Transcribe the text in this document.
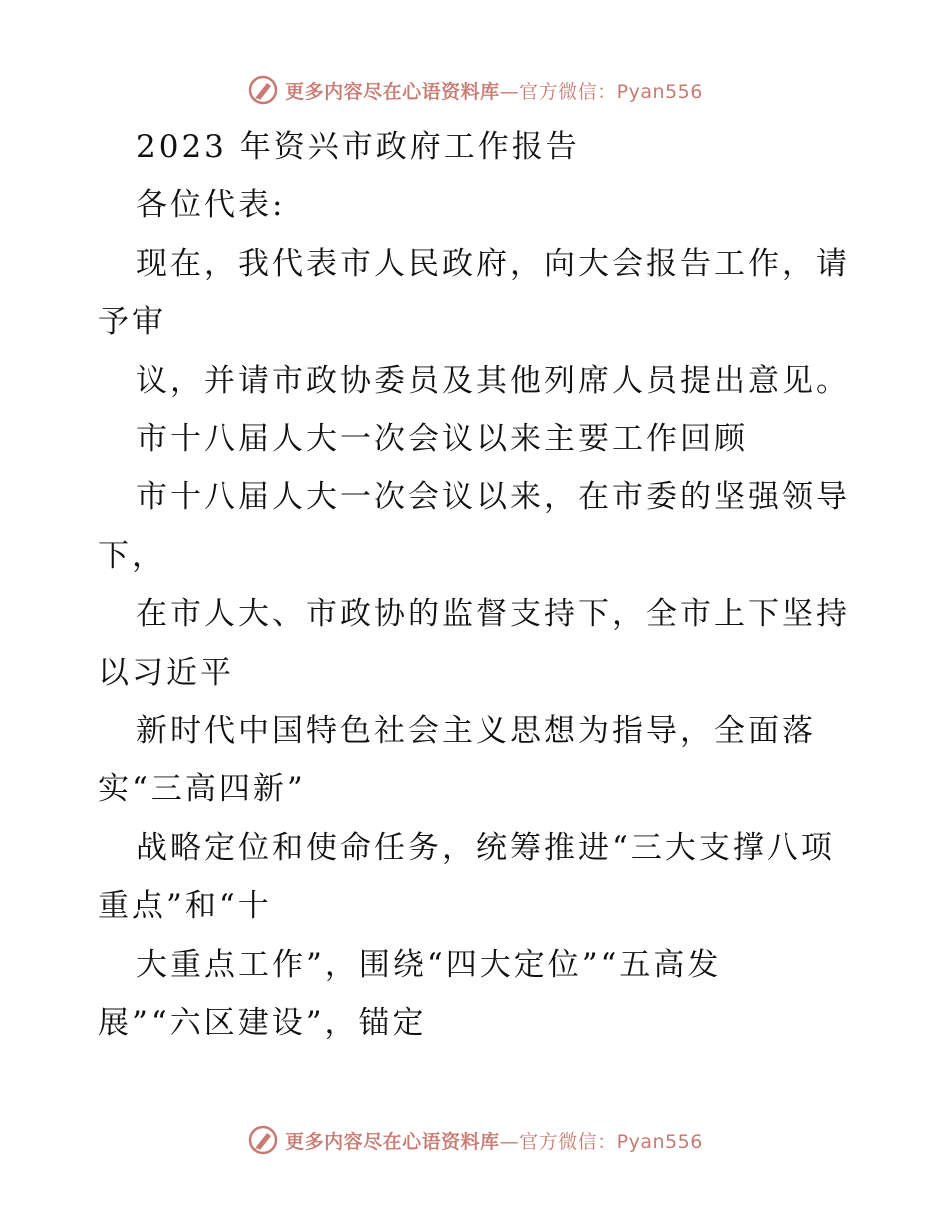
更多内容尽在心语资料库—官方微信：Pyan556

2023 年资兴市政府工作报告

各位代表:

现在，我代表市人民政府，向大会报告工作，请

予审

议，并请市政协委员及其他列席人员提出意见。

市十八届人大一次会议以来主要工作回顾

市十八届人大一次会议以来，在市委的坚强领导

下，

在市人大、市政协的监督支持下，全市上下坚持

以习近平

新时代中国特色社会主义思想为指导，全面落

实“三高四新”

战略定位和使命任务，统筹推进“三大支撑八项

重点”和“十

大重点工作”，围绕“四大定位”“五高发

展”“六区建设”，锚定

更多内容尽在心语资料库—官方微信：Pyan556
